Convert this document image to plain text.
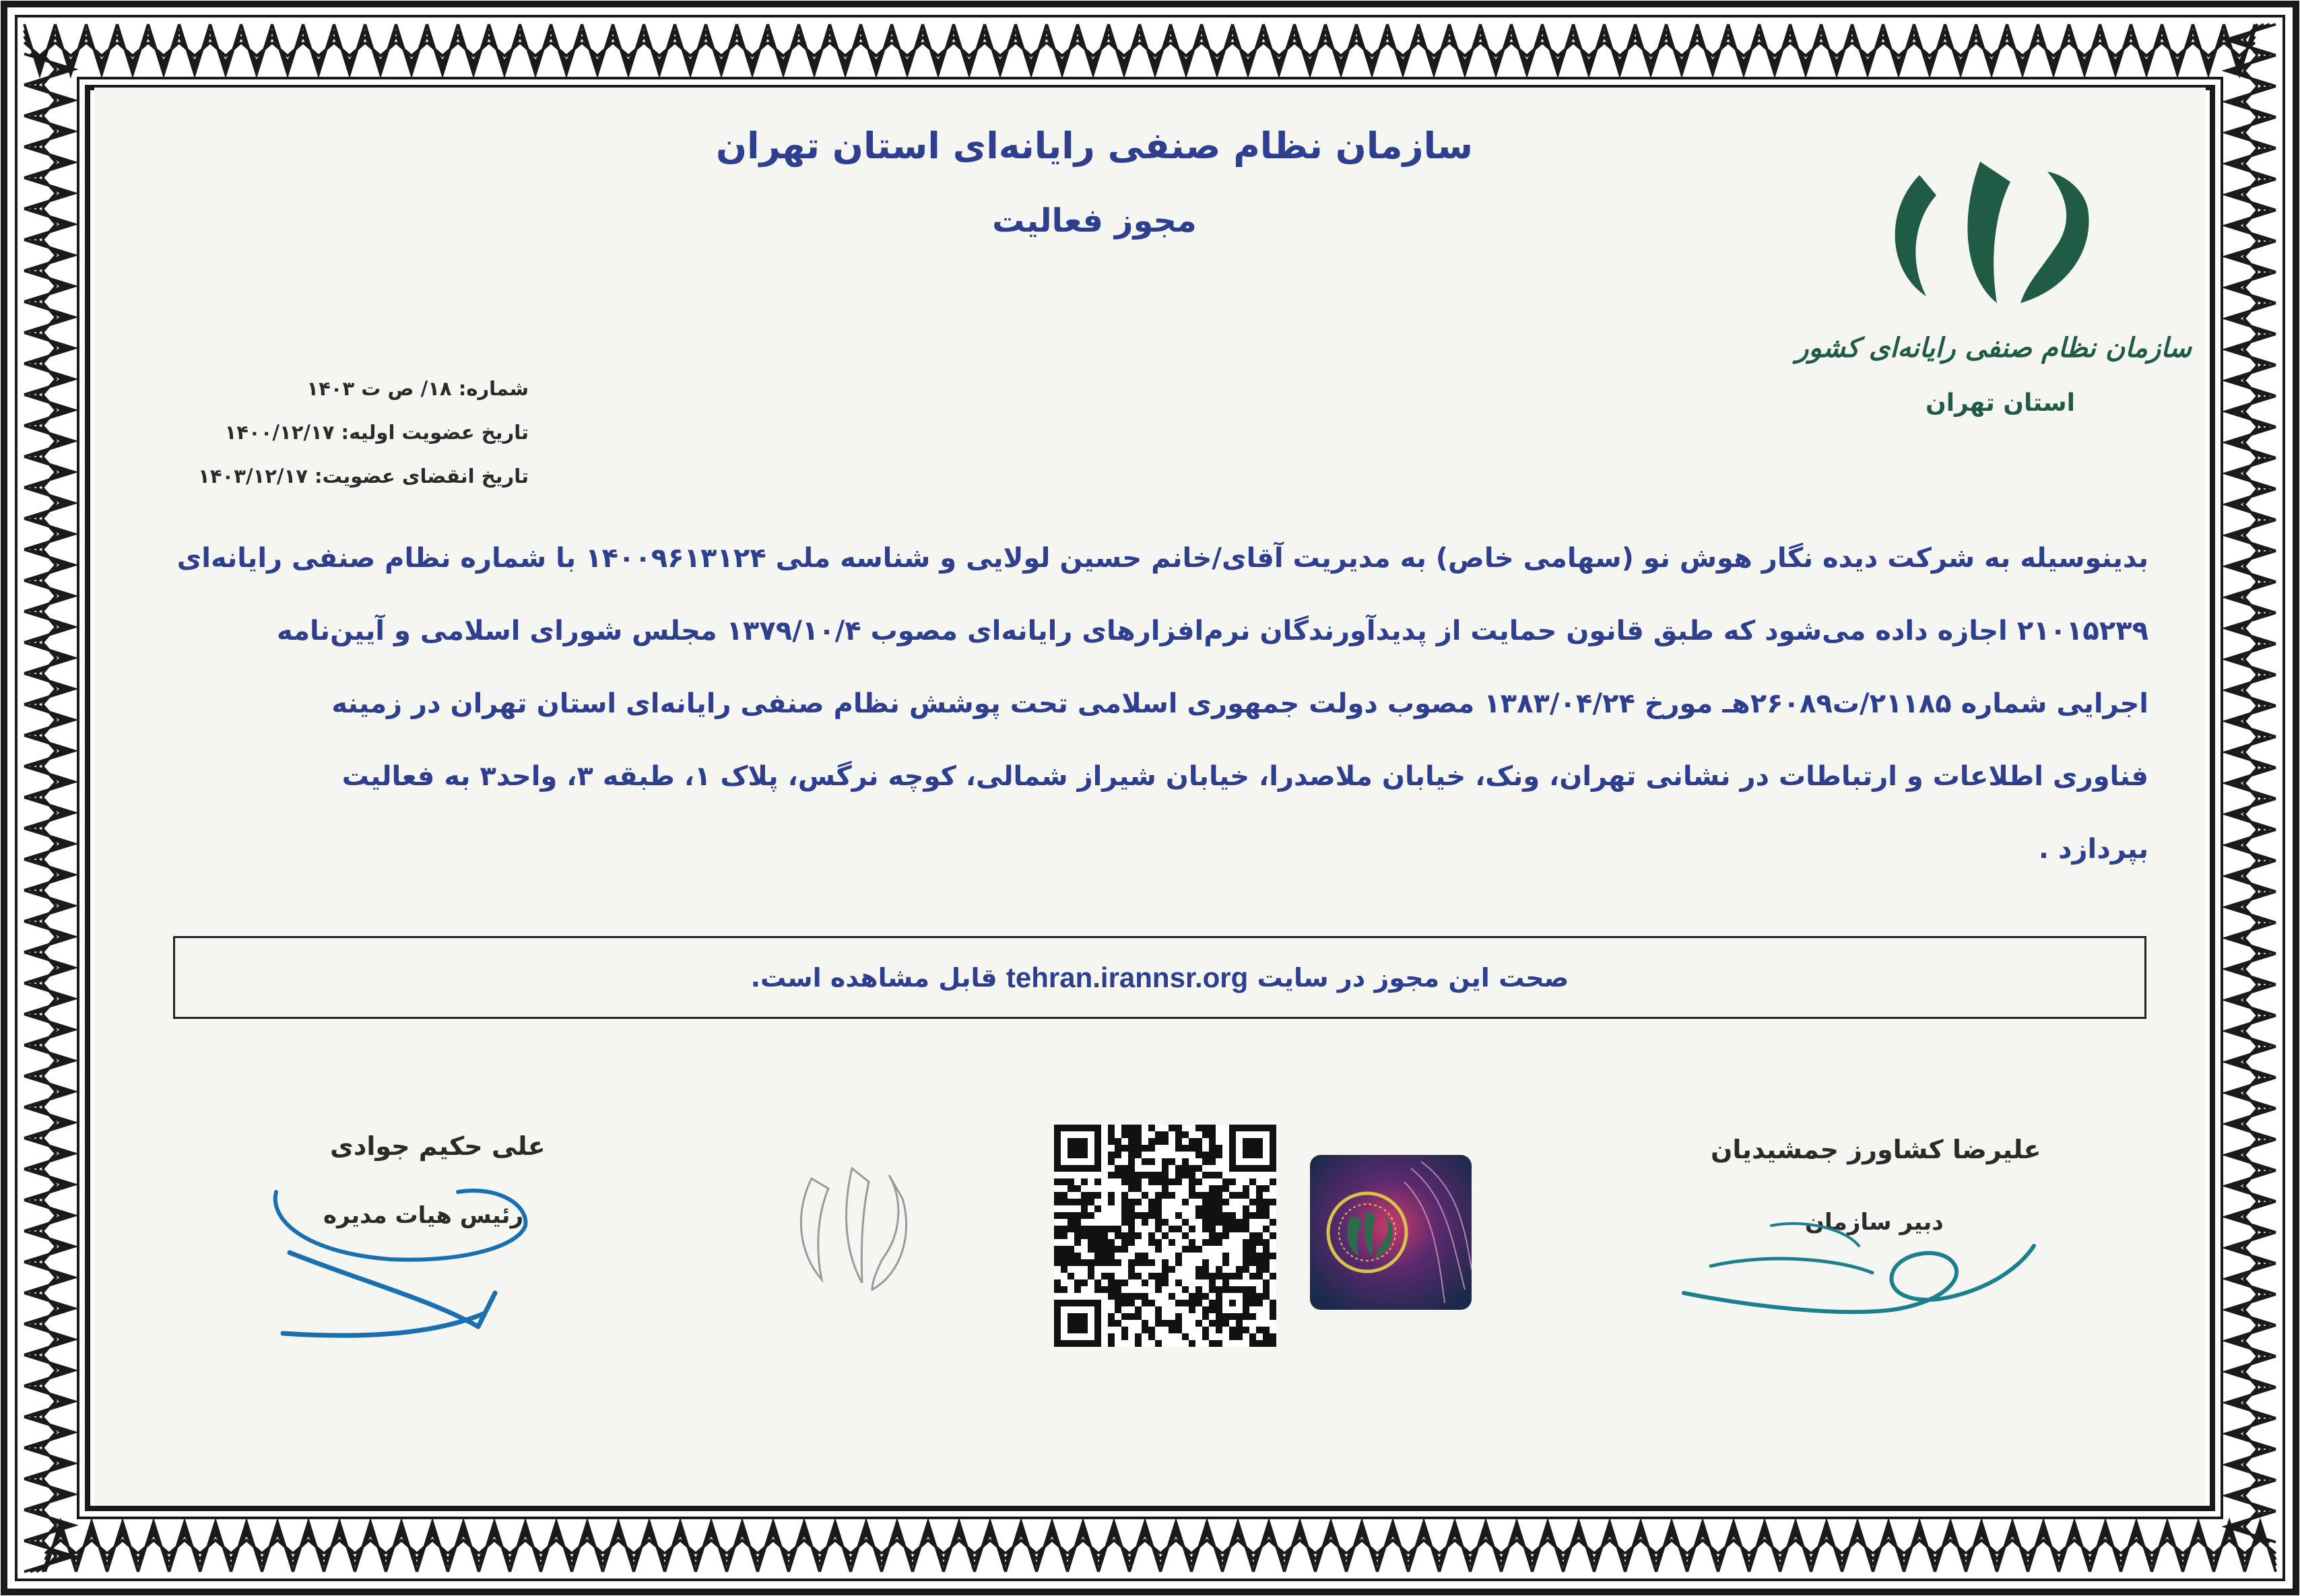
سازمان نظام صنفی رایانه‌ای استان تهران
مجوز فعالیت
سازمان نظام صنفی رایانه‌ای کشور
استان تهران
شماره: ۱۸/ ص ت ۱۴۰۳
تاریخ عضویت اولیه: ۱۴۰۰/۱۲/۱۷
تاریخ انقضای عضویت: ۱۴۰۳/۱۲/۱۷
بدینوسیله به شرکت دیده نگار هوش نو (سهامی خاص) به مدیریت آقای/خانم حسین لولایی و شناسه ملی ۱۴۰۰۹۶۱۳۱۲۴ با شماره نظام صنفی رایانه‌ای
۲۱۰۱۵۲۳۹ اجازه داده می‌شود که طبق قانون حمایت از پدیدآورندگان نرم‌افزارهای رایانه‌ای مصوب ۱۳۷۹/۱۰/۴ مجلس شورای اسلامی و آیین‌نامه
اجرایی شماره ۲۱۱۸۵/ت۲۶۰۸۹هـ مورخ ۱۳۸۳/۰۴/۲۴ مصوب دولت جمهوری اسلامی تحت پوشش نظام صنفی رایانه‌ای استان تهران در زمینه
فناوری اطلاعات و ارتباطات در نشانی تهران، ونک، خیابان ملاصدرا، خیابان شیراز شمالی، کوچه نرگس، پلاک ۱، طبقه ۳، واحد۳ به فعالیت
بپردازد .
صحت این مجوز در سایت

tehran.irannsr.org

قابل مشاهده است.
علی حکیم جوادی
رئیس هیات مدیره
علیرضا کشاورز جمشیدیان
دبیر سازمان
